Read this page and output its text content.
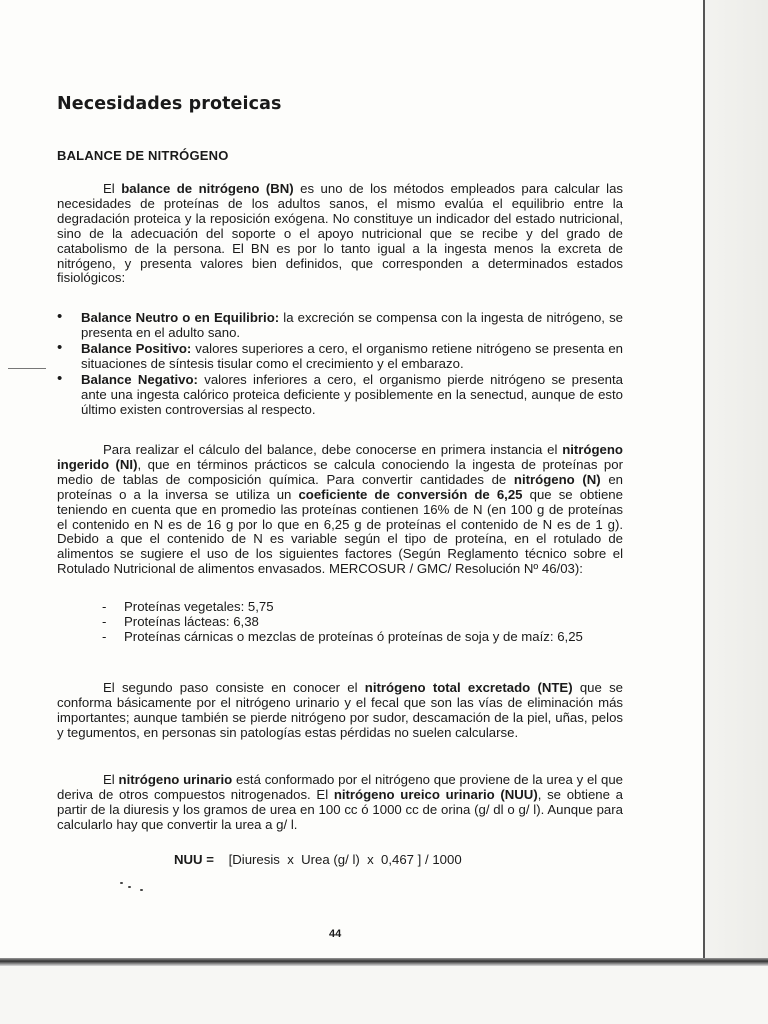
Necesidades proteicas
BALANCE DE NITRÓGENO

El balance de nitrógeno (BN) es uno de los métodos empleados para calcular las necesidades de proteínas de los adultos sanos, el mismo evalúa el equilibrio entre la degradación proteica y la reposición exógena. No constituye un indicador del estado nutricional, sino de la adecuación del soporte o el apoyo nutricional que se recibe y del grado de catabolismo de la persona. El BN es por lo tanto igual a la ingesta menos la excreta de nitrógeno, y presenta valores bien definidos, que corresponden a determinados estados fisiológicos:

• Balance Neutro o en Equilibrio: la excreción se compensa con la ingesta de nitrógeno, se presenta en el adulto sano.
• Balance Positivo: valores superiores a cero, el organismo retiene nitrógeno se presenta en situaciones de síntesis tisular como el crecimiento y el embarazo.
• Balance Negativo: valores inferiores a cero, el organismo pierde nitrógeno se presenta ante una ingesta calórico proteica deficiente y posiblemente en la senectud, aunque de esto último existen controversias al respecto.

Para realizar el cálculo del balance, debe conocerse en primera instancia el nitrógeno ingerido (NI), que en términos prácticos se calcula conociendo la ingesta de proteínas por medio de tablas de composición química. Para convertir cantidades de nitrógeno (N) en proteínas o a la inversa se utiliza un coeficiente de conversión de 6,25 que se obtiene teniendo en cuenta que en promedio las proteínas contienen 16% de N (en 100 g de proteínas el contenido en N es de 16 g por lo que en 6,25 g de proteínas el contenido de N es de 1 g). Debido a que el contenido de N es variable según el tipo de proteína, en el rotulado de alimentos se sugiere el uso de los siguientes factores (Según Reglamento técnico sobre el Rotulado Nutricional de alimentos envasados. MERCOSUR / GMC/ Resolución Nº 46/03):

- Proteínas vegetales: 5,75
- Proteínas lácteas: 6,38
- Proteínas cárnicas o mezclas de proteínas ó proteínas de soja y de maíz: 6,25

El segundo paso consiste en conocer el nitrógeno total excretado (NTE) que se conforma básicamente por el nitrógeno urinario y el fecal que son las vías de eliminación más importantes; aunque también se pierde nitrógeno por sudor, descamación de la piel, uñas, pelos y tegumentos, en personas sin patologías estas pérdidas no suelen calcularse.

El nitrógeno urinario está conformado por el nitrógeno que proviene de la urea y el que deriva de otros compuestos nitrogenados. El nitrógeno ureico urinario (NUU), se obtiene a partir de la diuresis y los gramos de urea en 100 cc ó 1000 cc de orina (g/ dl o g/ l). Aunque para calcularlo hay que convertir la urea a g/ l.

NUU = [Diuresis  x  Urea (g/ l)  x  0,467 ] / 1000
44
